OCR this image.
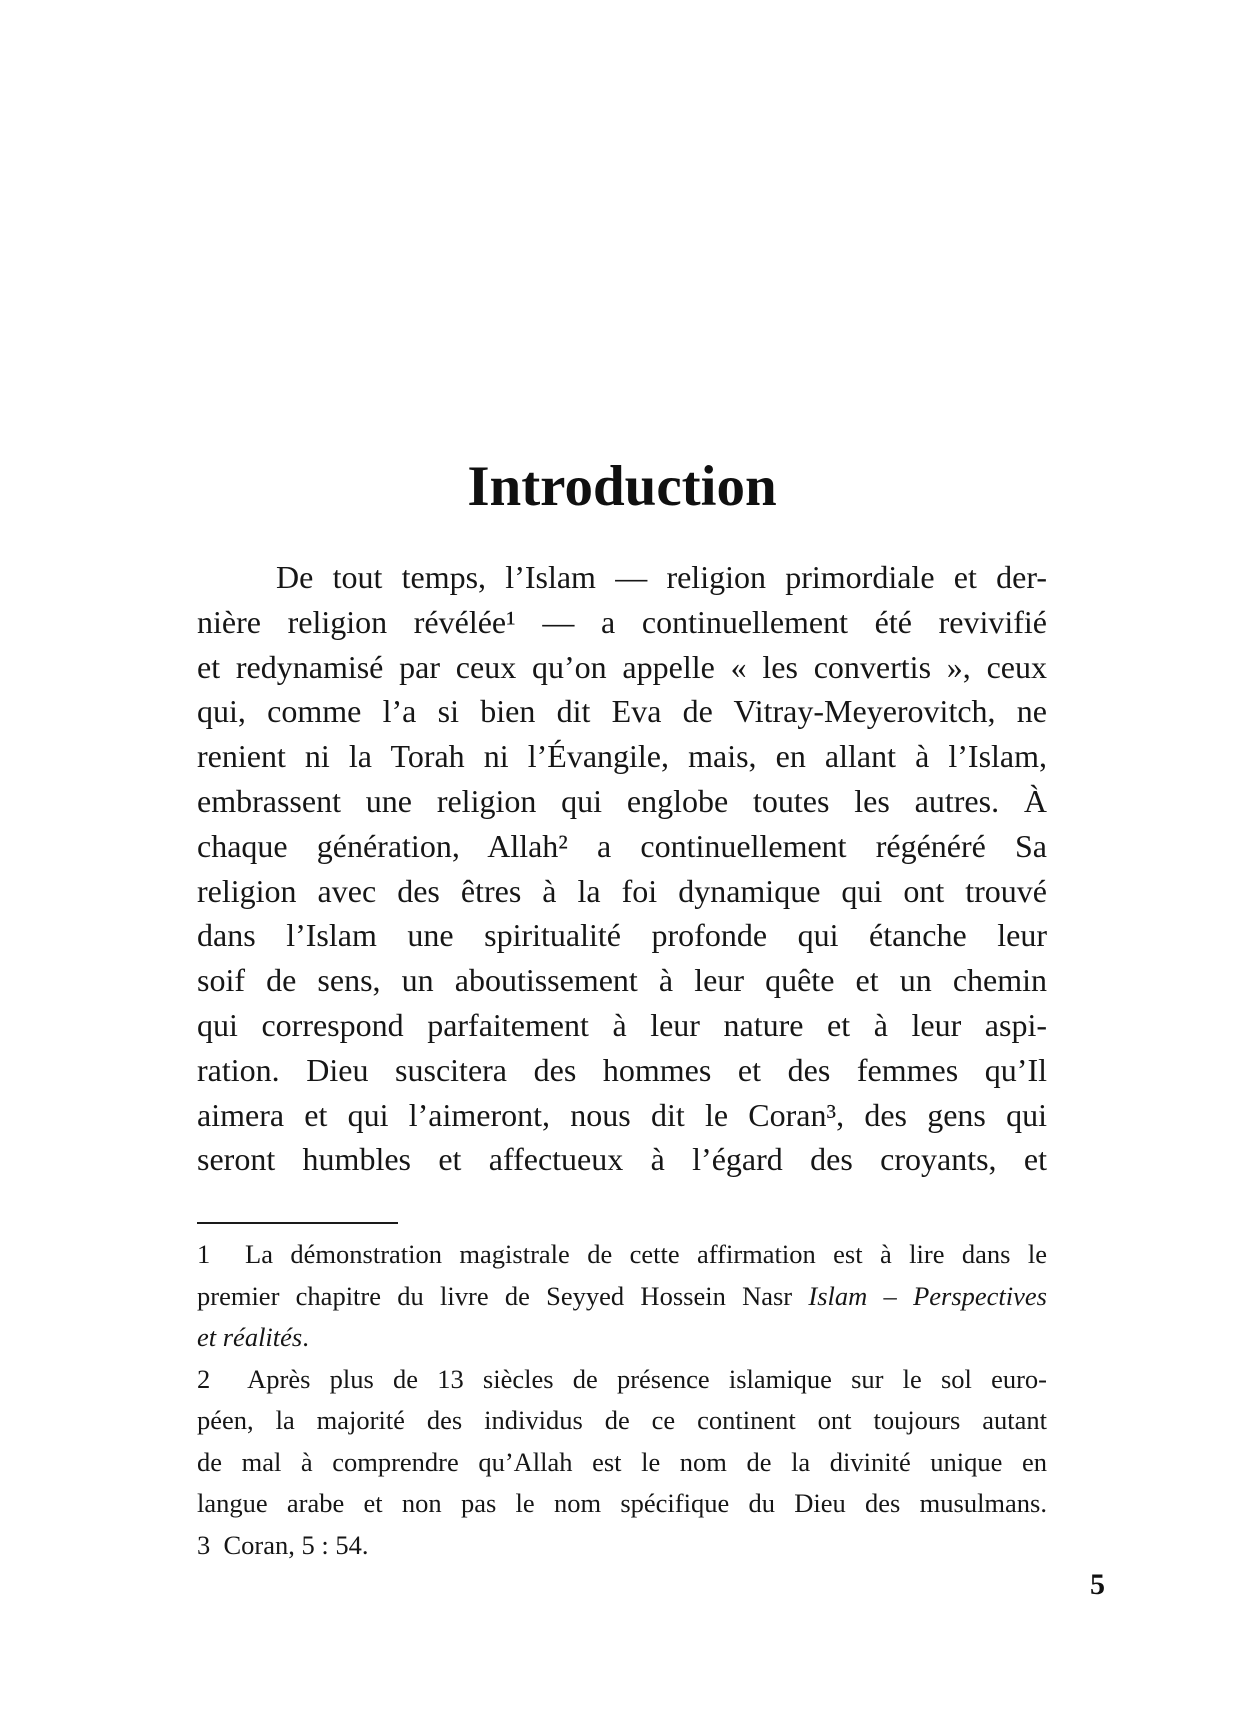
Introduction
De tout temps, l’Islam — religion primordiale et der-
nière religion révélée¹ — a continuellement été revivifié
et redynamisé par ceux qu’on appelle « les convertis », ceux
qui, comme l’a si bien dit Eva de Vitray-Meyerovitch, ne
renient ni la Torah ni l’Évangile, mais, en allant à l’Islam,
embrassent une religion qui englobe toutes les autres. À
chaque génération, Allah² a continuellement régénéré Sa
religion avec des êtres à la foi dynamique qui ont trouvé
dans l’Islam une spiritualité profonde qui étanche leur
soif de sens, un aboutissement à leur quête et un chemin
qui correspond parfaitement à leur nature et à leur aspi-
ration. Dieu suscitera des hommes et des femmes qu’Il
aimera et qui l’aimeront, nous dit le Coran³, des gens qui
seront humbles et affectueux à l’égard des croyants, et
1  La démonstration magistrale de cette affirmation est à lire dans le
premier chapitre du livre de Seyyed Hossein Nasr Islam – Perspectives
et réalités.
2  Après plus de 13 siècles de présence islamique sur le sol euro-
péen, la majorité des individus de ce continent ont toujours autant
de mal à comprendre qu’Allah est le nom de la divinité unique en
langue arabe et non pas le nom spécifique du Dieu des musulmans.
3  Coran, 5 : 54.
5
